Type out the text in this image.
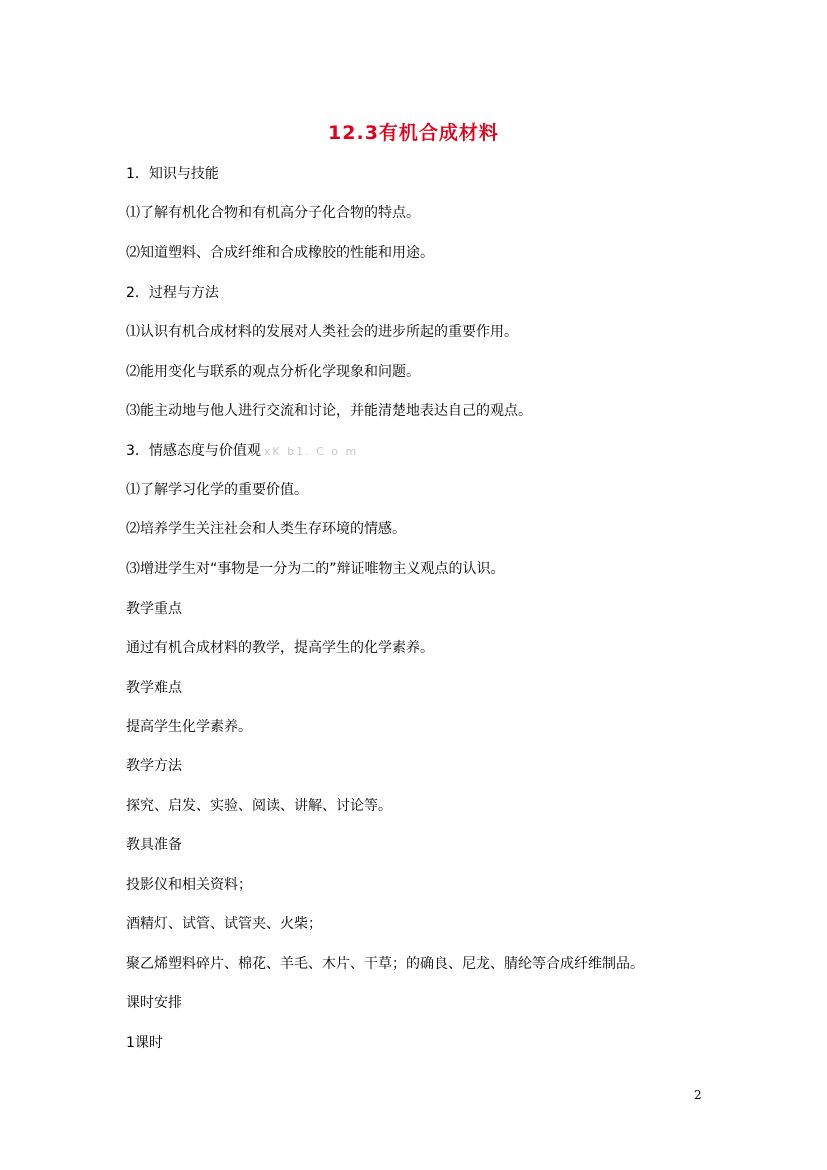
12.3有机合成材料
1．知识与技能
⑴了解有机化合物和有机高分子化合物的特点。
⑵知道塑料、合成纤维和合成橡胶的性能和用途。
2．过程与方法
⑴认识有机合成材料的发展对人类社会的进步所起的重要作用。
⑵能用变化与联系的观点分析化学现象和问题。
⑶能主动地与他人进行交流和讨论，并能清楚地表达自己的观点。
3．情感态度与价值观 xK b1. C o m
⑴了解学习化学的重要价值。
⑵培养学生关注社会和人类生存环境的情感。
⑶增进学生对“事物是一分为二的”辩证唯物主义观点的认识。
教学重点
通过有机合成材料的教学，提高学生的化学素养。
教学难点
提高学生化学素养。
教学方法
探究、启发、实验、阅读、讲解、讨论等。
教具准备
投影仪和相关资料；
酒精灯、试管、试管夹、火柴；
聚乙烯塑料碎片、棉花、羊毛、木片、干草；的确良、尼龙、腈纶等合成纤维制品。
课时安排
1课时
2
